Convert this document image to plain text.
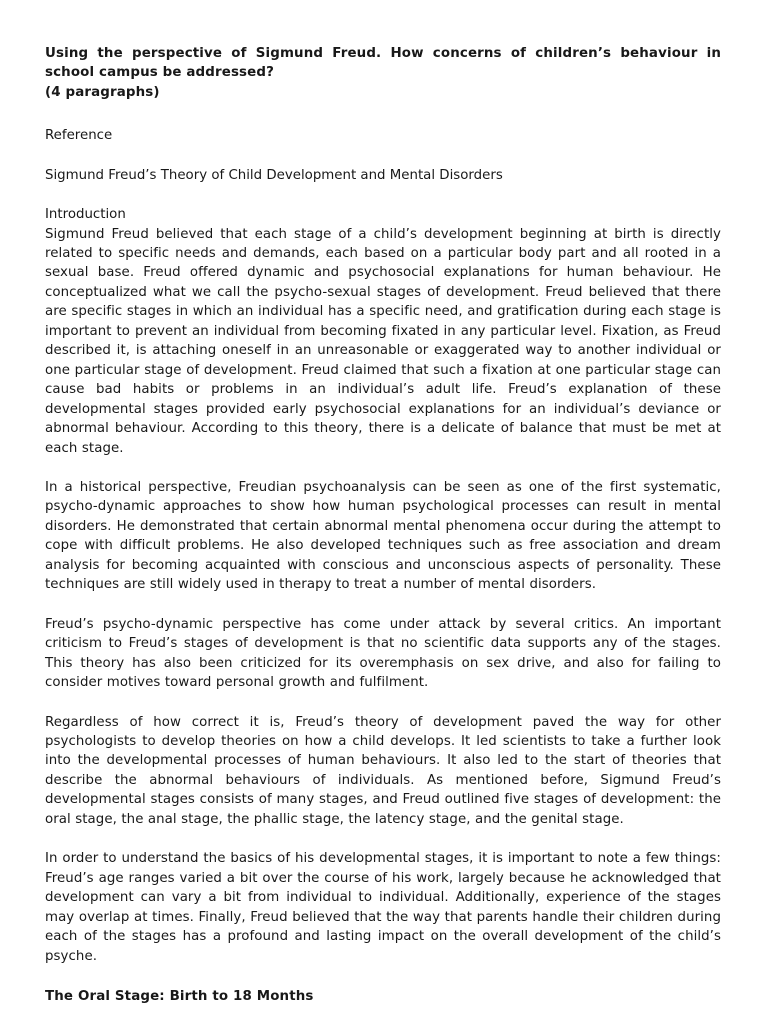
Using the perspective of Sigmund Freud. How concerns of children’s behaviour in school campus be addressed?
(4 paragraphs)

Reference

Sigmund Freud’s Theory of Child Development and Mental Disorders

Introduction

Sigmund Freud believed that each stage of a child’s development beginning at birth is directly related to specific needs and demands, each based on a particular body part and all rooted in a sexual base. Freud offered dynamic and psychosocial explanations for human behaviour. He conceptualized what we call the psycho-sexual stages of development. Freud believed that there are specific stages in which an individual has a specific need, and gratification during each stage is important to prevent an individual from becoming fixated in any particular level. Fixation, as Freud described it, is attaching oneself in an unreasonable or exaggerated way to another individual or one particular stage of development. Freud claimed that such a fixation at one particular stage can cause bad habits or problems in an individual’s adult life. Freud’s explanation of these developmental stages provided early psychosocial explanations for an individual’s deviance or abnormal behaviour. According to this theory, there is a delicate of balance that must be met at each stage.

In a historical perspective, Freudian psychoanalysis can be seen as one of the first systematic, psycho-dynamic approaches to show how human psychological processes can result in mental disorders. He demonstrated that certain abnormal mental phenomena occur during the attempt to cope with difficult problems. He also developed techniques such as free association and dream analysis for becoming acquainted with conscious and unconscious aspects of personality. These techniques are still widely used in therapy to treat a number of mental disorders.

Freud’s psycho-dynamic perspective has come under attack by several critics. An important criticism to Freud’s stages of development is that no scientific data supports any of the stages. This theory has also been criticized for its overemphasis on sex drive, and also for failing to consider motives toward personal growth and fulfilment.

Regardless of how correct it is, Freud’s theory of development paved the way for other psychologists to develop theories on how a child develops. It led scientists to take a further look into the developmental processes of human behaviours. It also led to the start of theories that describe the abnormal behaviours of individuals. As mentioned before, Sigmund Freud’s developmental stages consists of many stages, and Freud outlined five stages of development: the oral stage, the anal stage, the phallic stage, the latency stage, and the genital stage.

In order to understand the basics of his developmental stages, it is important to note a few things: Freud’s age ranges varied a bit over the course of his work, largely because he acknowledged that development can vary a bit from individual to individual. Additionally, experience of the stages may overlap at times. Finally, Freud believed that the way that parents handle their children during each of the stages has a profound and lasting impact on the overall development of the child’s psyche.

The Oral Stage: Birth to 18 Months
